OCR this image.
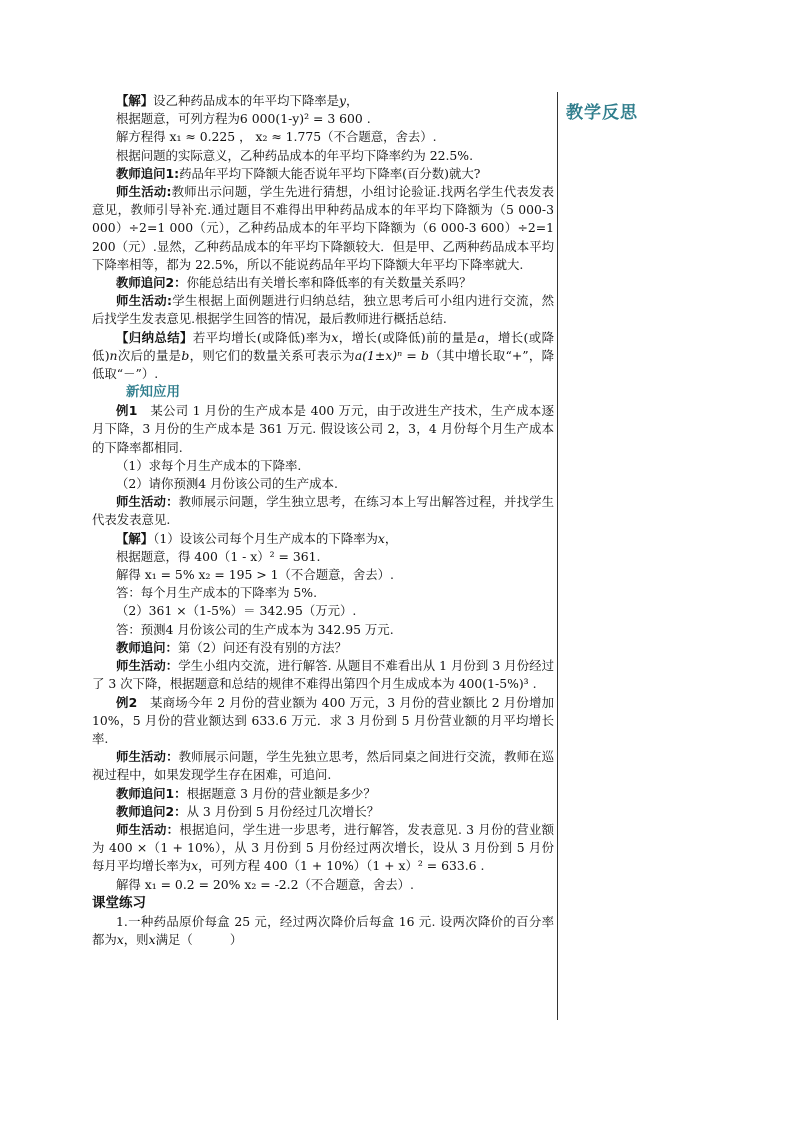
【解】设乙种药品成本的年平均下降率是y，

根据题意，可列方程为6 000(1-y)² = 3 600 .

解方程得 x₁ ≈ 0.225 ， x₂ ≈ 1.775（不合题意，舍去）.

根据问题的实际意义，乙种药品成本的年平均下降率约为 22.5%.

教师追问1:药品年平均下降额大能否说年平均下降率(百分数)就大?

师生活动:教师出示问题，学生先进行猜想，小组讨论验证.找两名学生代表发表意见，教师引导补充.通过题目不难得出甲种药品成本的年平均下降额为（5 000-3 000）÷2=1 000（元），乙种药品成本的年平均下降额为（6 000-3 600）÷2=1 200（元）.显然，乙种药品成本的年平均下降额较大．但是甲、乙两种药品成本平均下降率相等，都为 22.5%，所以不能说药品年平均下降额大年平均下降率就大.

教师追问2：你能总结出有关增长率和降低率的有关数量关系吗？

师生活动:学生根据上面例题进行归纳总结，独立思考后可小组内进行交流，然后找学生发表意见.根据学生回答的情况，最后教师进行概括总结.

【归纳总结】若平均增长(或降低)率为x，增长(或降低)前的量是a，增长(或降低)n次后的量是b，则它们的数量关系可表示为a(1±x)ⁿ = b（其中增长取“+”，降低取“－”）.

新知应用

例1　某公司 1 月份的生产成本是 400 万元，由于改进生产技术，生产成本逐月下降，3 月份的生产成本是 361 万元. 假设该公司 2，3，4 月份每个月生产成本的下降率都相同.

（1）求每个月生产成本的下降率.

（2）请你预测4 月份该公司的生产成本.

师生活动：教师展示问题，学生独立思考，在练习本上写出解答过程，并找学生代表发表意见.

【解】（1）设该公司每个月生产成本的下降率为x，

根据题意，得 400（1 - x）² = 361.

解得 x₁ = 5% x₂ = 195 > 1（不合题意，舍去）.

答：每个月生产成本的下降率为 5%.

（2）361 ×（1-5%）＝ 342.95（万元）.

答：预测4 月份该公司的生产成本为 342.95 万元.

教师追问：第（2）问还有没有别的方法？

师生活动：学生小组内交流，进行解答. 从题目不难看出从 1 月份到 3 月份经过了 3 次下降，根据题意和总结的规律不难得出第四个月生成成本为 400(1-5%)³ .

例2　某商场今年 2 月份的营业额为 400 万元，3 月份的营业额比 2 月份增加 10%，5 月份的营业额达到 633.6 万元．求 3 月份到 5 月份营业额的月平均增长率.

师生活动：教师展示问题，学生先独立思考，然后同桌之间进行交流，教师在巡视过程中，如果发现学生存在困难，可追问.

教师追问1：根据题意 3 月份的营业额是多少？

教师追问2：从 3 月份到 5 月份经过几次增长？

师生活动：根据追问，学生进一步思考，进行解答，发表意见. 3 月份的营业额为 400 ×（1 + 10%），从 3 月份到 5 月份经过两次增长，设从 3 月份到 5 月份每月平均增长率为x，可列方程 400（1 + 10%）（1 + x）² = 633.6 .

解得 x₁ = 0.2 = 20% x₂ = -2.2（不合题意，舍去）.

课堂练习

1.一种药品原价每盒 25 元，经过两次降价后每盒 16 元. 设两次降价的百分率都为x，则x满足（　　　）

教学反思
